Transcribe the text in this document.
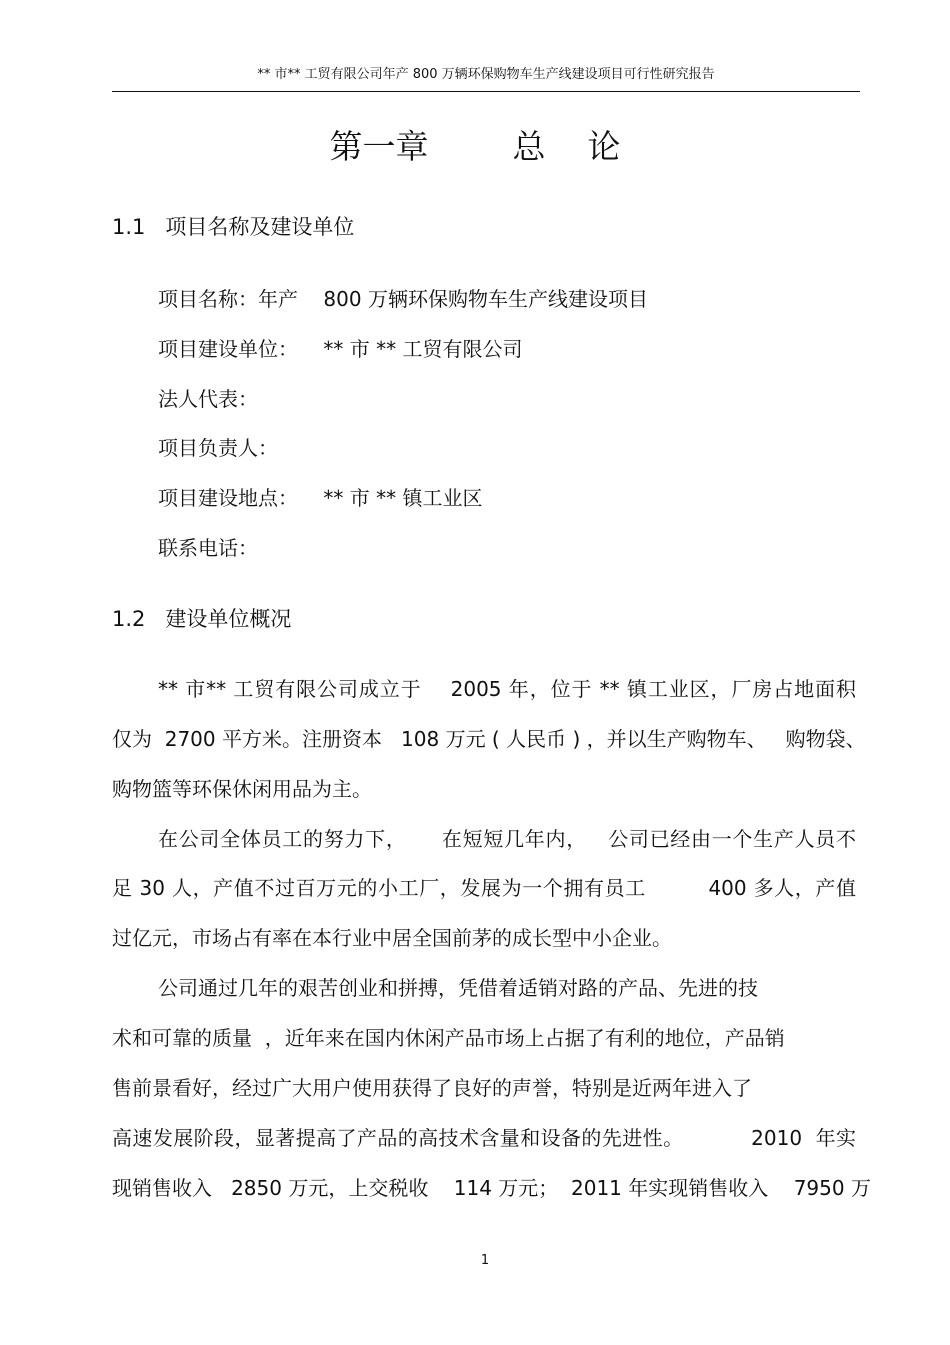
** 市** 工贸有限公司年产 800 万辆环保购物车生产线建设项目可行性研究报告
第一章        总    论
1.1   项目名称及建设单位
项目名称：年产    800 万辆环保购物车生产线建设项目
项目建设单位：    ** 市 ** 工贸有限公司
法人代表：
项目负责人：
项目建设地点：    ** 市 ** 镇工业区
联系电话：
1.2   建设单位概况
** 市** 工贸有限公司成立于    2005 年，位于 ** 镇工业区，厂房占地面积
仅为  2700 平方米。注册资本   108 万元 ( 人民币 ) ，并以生产购物车、   购物袋、
购物篮等环保休闲用品为主。
在公司全体员工的努力下，     在短短几年内，   公司已经由一个生产人员不
足 30 人，产值不过百万元的小工厂，发展为一个拥有员工         400 多人，产值
过亿元，市场占有率在本行业中居全国前茅的成长型中小企业。
公司通过几年的艰苦创业和拼搏，凭借着适销对路的产品、先进的技
术和可靠的质量  ，近年来在国内休闲产品市场上占据了有利的地位，产品销
售前景看好，经过广大用户使用获得了良好的声誉，特别是近两年进入了
高速发展阶段，显著提高了产品的高技术含量和设备的先进性。          2010  年实
现销售收入   2850 万元，上交税收    114 万元；  2011 年实现销售收入    7950 万
1
